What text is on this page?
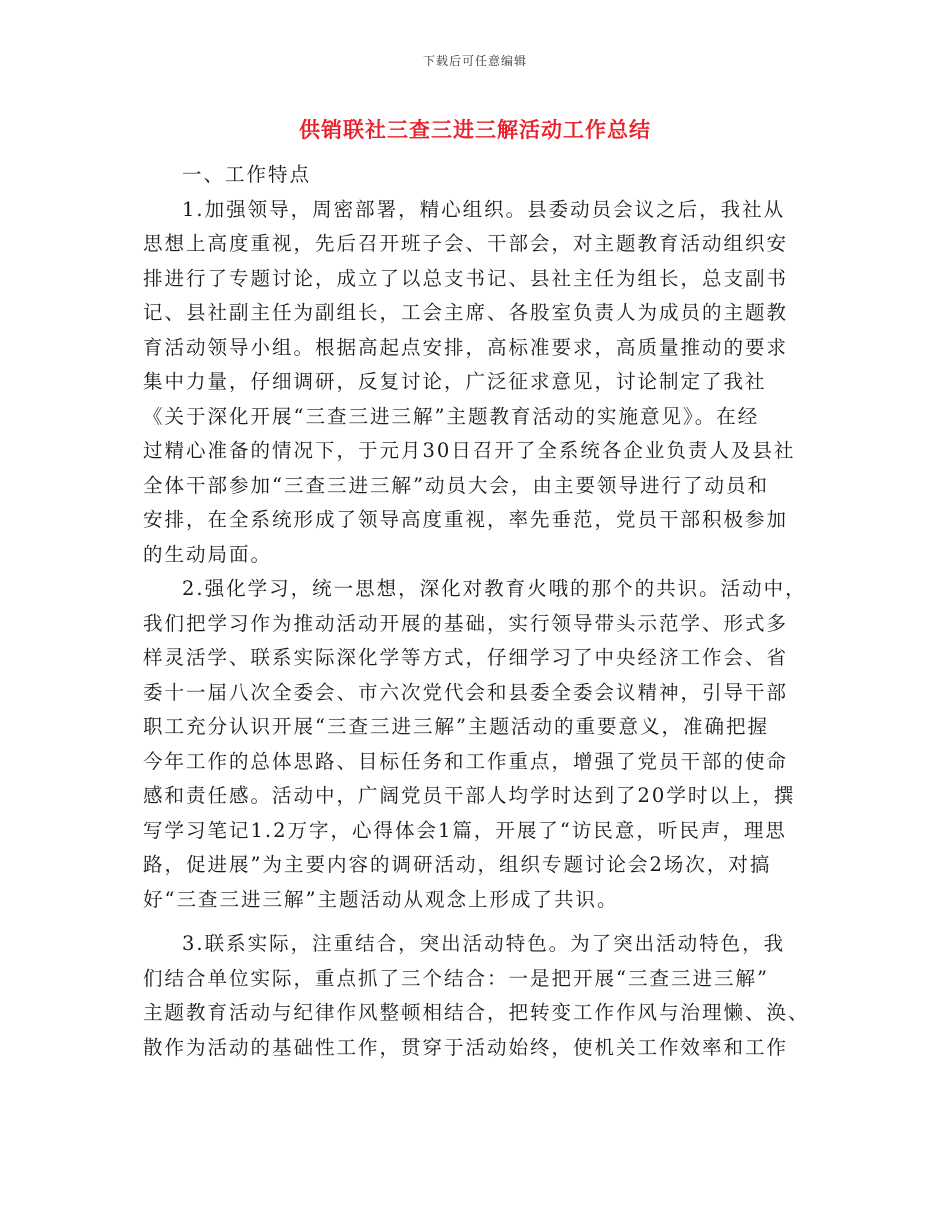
下载后可任意编辑
供销联社三查三进三解活动工作总结

一、工作特点

1.加强领导，周密部署，精心组织。县委动员会议之后，我社从
思想上高度重视，先后召开班子会、干部会，对主题教育活动组织安
排进行了专题讨论，成立了以总支书记、县社主任为组长，总支副书
记、县社副主任为副组长，工会主席、各股室负责人为成员的主题教
育活动领导小组。根据高起点安排，高标准要求，高质量推动的要求
集中力量，仔细调研，反复讨论，广泛征求意见，讨论制定了我社
《关于深化开展“三查三进三解”主题教育活动的实施意见》。在经
过精心准备的情况下，于元月30日召开了全系统各企业负责人及县社
全体干部参加“三查三进三解”动员大会，由主要领导进行了动员和
安排，在全系统形成了领导高度重视，率先垂范，党员干部积极参加
的生动局面。

2.强化学习，统一思想，深化对教育火哦的那个的共识。活动中，
我们把学习作为推动活动开展的基础，实行领导带头示范学、形式多
样灵活学、联系实际深化学等方式，仔细学习了中央经济工作会、省
委十一届八次全委会、市六次党代会和县委全委会议精神，引导干部
职工充分认识开展“三查三进三解”主题活动的重要意义，准确把握
今年工作的总体思路、目标任务和工作重点，增强了党员干部的使命
感和责任感。活动中，广阔党员干部人均学时达到了20学时以上，撰
写学习笔记1.2万字，心得体会1篇，开展了“访民意，听民声，理思
路，促进展”为主要内容的调研活动，组织专题讨论会2场次，对搞
好“三查三进三解”主题活动从观念上形成了共识。

3.联系实际，注重结合，突出活动特色。为了突出活动特色，我
们结合单位实际，重点抓了三个结合：一是把开展“三查三进三解”
主题教育活动与纪律作风整顿相结合，把转变工作作风与治理懒、涣、
散作为活动的基础性工作，贯穿于活动始终，使机关工作效率和工作
